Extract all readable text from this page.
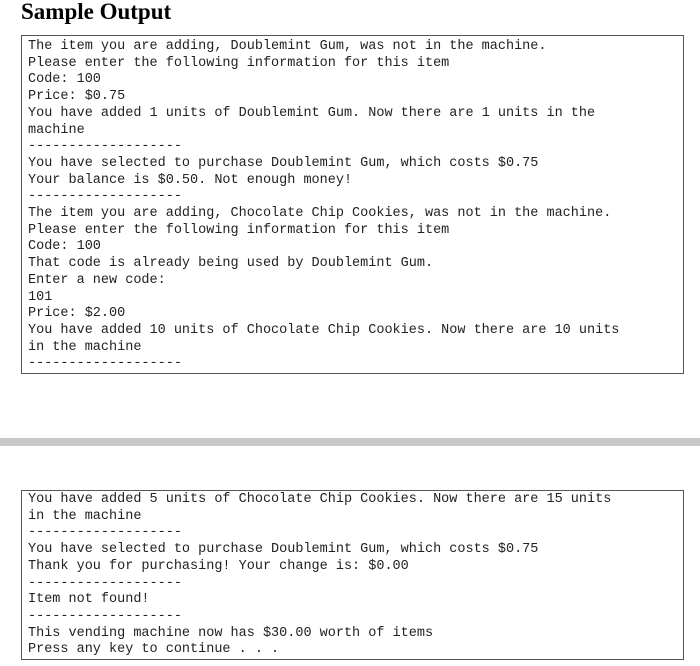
Sample Output
The item you are adding, Doublemint Gum, was not in the machine.
Please enter the following information for this item
Code: 100
Price: $0.75
You have added 1 units of Doublemint Gum. Now there are 1 units in the
machine
-------------------
You have selected to purchase Doublemint Gum, which costs $0.75
Your balance is $0.50. Not enough money!
-------------------
The item you are adding, Chocolate Chip Cookies, was not in the machine.
Please enter the following information for this item
Code: 100
That code is already being used by Doublemint Gum.
Enter a new code:
101
Price: $2.00
You have added 10 units of Chocolate Chip Cookies. Now there are 10 units
in the machine
-------------------
You have added 5 units of Chocolate Chip Cookies. Now there are 15 units
in the machine
-------------------
You have selected to purchase Doublemint Gum, which costs $0.75
Thank you for purchasing! Your change is: $0.00
-------------------
Item not found!
-------------------
This vending machine now has $30.00 worth of items
Press any key to continue . . .
